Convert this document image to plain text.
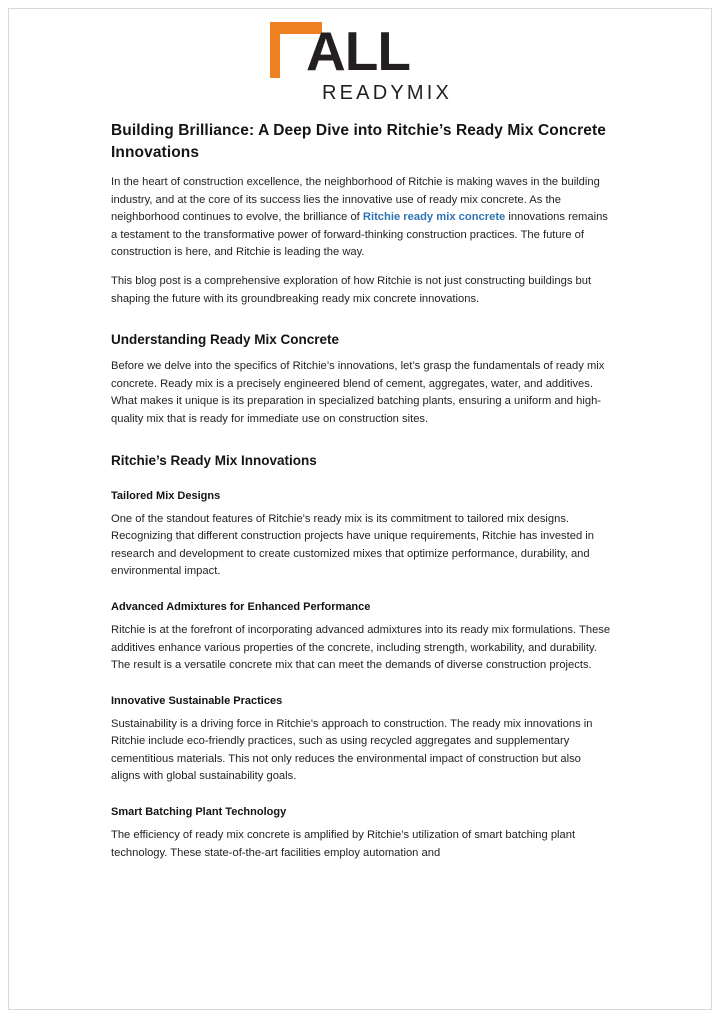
ALL
READYMIX
Building Brilliance: A Deep Dive into Ritchie’s Ready Mix Concrete Innovations

In the heart of construction excellence, the neighborhood of Ritchie is making waves in the building industry, and at the core of its success lies the innovative use of ready mix concrete. As the neighborhood continues to evolve, the brilliance of Ritchie ready mix concrete innovations remains a testament to the transformative power of forward-thinking construction practices. The future of construction is here, and Ritchie is leading the way.

This blog post is a comprehensive exploration of how Ritchie is not just constructing buildings but shaping the future with its groundbreaking ready mix concrete innovations.

Understanding Ready Mix Concrete

Before we delve into the specifics of Ritchie’s innovations, let’s grasp the fundamentals of ready mix concrete. Ready mix is a precisely engineered blend of cement, aggregates, water, and additives. What makes it unique is its preparation in specialized batching plants, ensuring a uniform and high-quality mix that is ready for immediate use on construction sites.

Ritchie’s Ready Mix Innovations
Tailored Mix Designs

One of the standout features of Ritchie’s ready mix is its commitment to tailored mix designs. Recognizing that different construction projects have unique requirements, Ritchie has invested in research and development to create customized mixes that optimize performance, durability, and environmental impact.

Advanced Admixtures for Enhanced Performance

Ritchie is at the forefront of incorporating advanced admixtures into its ready mix formulations. These additives enhance various properties of the concrete, including strength, workability, and durability. The result is a versatile concrete mix that can meet the demands of diverse construction projects.

Innovative Sustainable Practices

Sustainability is a driving force in Ritchie’s approach to construction. The ready mix innovations in Ritchie include eco-friendly practices, such as using recycled aggregates and supplementary cementitious materials. This not only reduces the environmental impact of construction but also aligns with global sustainability goals.

Smart Batching Plant Technology

The efficiency of ready mix concrete is amplified by Ritchie’s utilization of smart batching plant technology. These state-of-the-art facilities employ automation and
